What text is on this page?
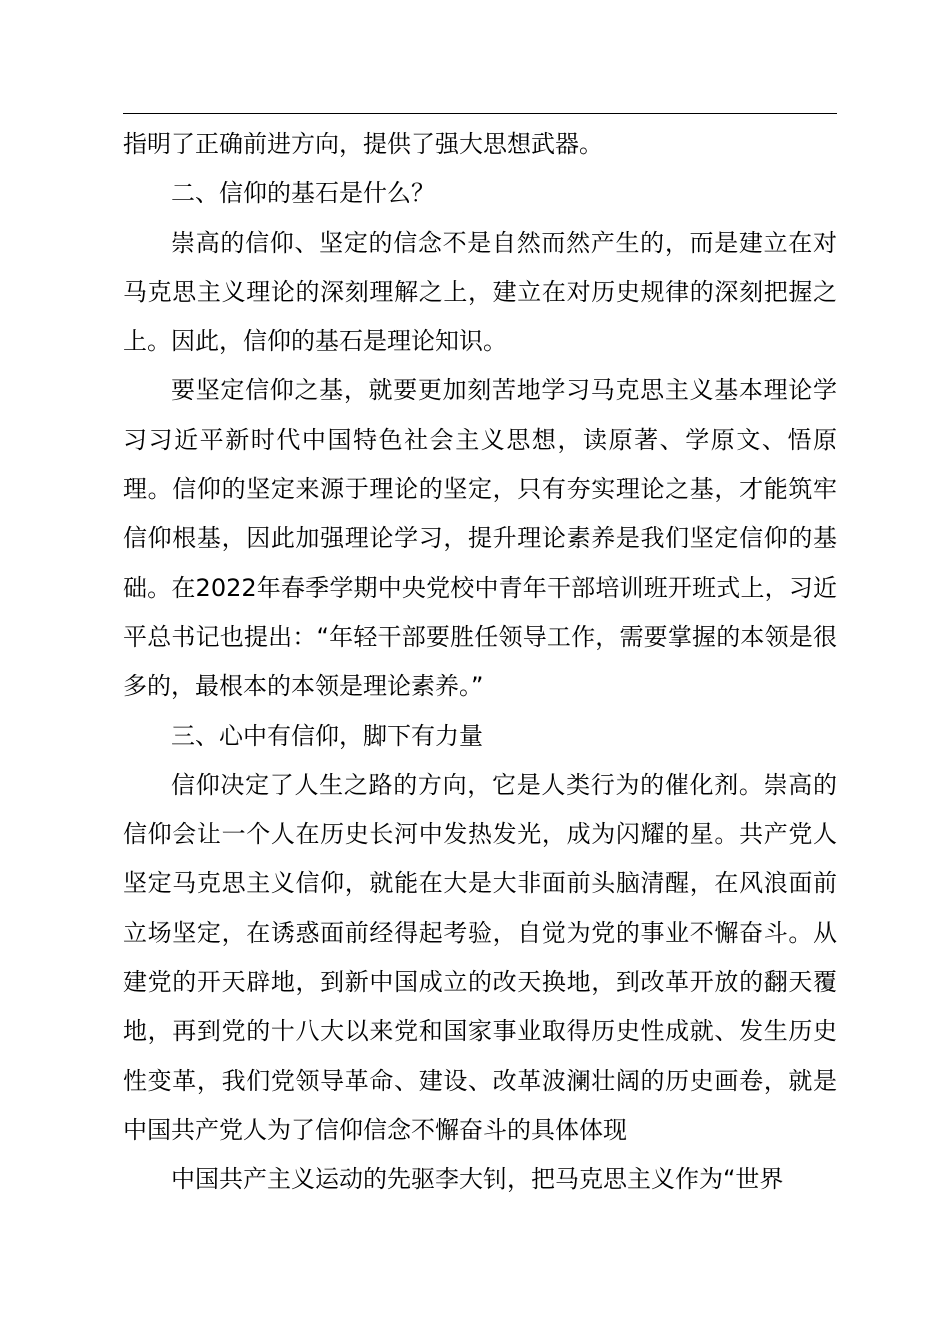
指明了正确前进方向，提供了强大思想武器。

二、信仰的基石是什么？

崇高的信仰、坚定的信念不是自然而然产生的，而是建立在对马克思主义理论的深刻理解之上，建立在对历史规律的深刻把握之上。因此，信仰的基石是理论知识。

要坚定信仰之基，就要更加刻苦地学习马克思主义基本理论学习习近平新时代中国特色社会主义思想，读原著、学原文、悟原理。信仰的坚定来源于理论的坚定，只有夯实理论之基，才能筑牢信仰根基，因此加强理论学习，提升理论素养是我们坚定信仰的基础。在2022年春季学期中央党校中青年干部培训班开班式上，习近平总书记也提出：“年轻干部要胜任领导工作，需要掌握的本领是很多的，最根本的本领是理论素养。”

三、心中有信仰，脚下有力量

信仰决定了人生之路的方向，它是人类行为的催化剂。崇高的信仰会让一个人在历史长河中发热发光，成为闪耀的星。共产党人坚定马克思主义信仰，就能在大是大非面前头脑清醒，在风浪面前立场坚定，在诱惑面前经得起考验，自觉为党的事业不懈奋斗。从建党的开天辟地，到新中国成立的改天换地，到改革开放的翻天覆地，再到党的十八大以来党和国家事业取得历史性成就、发生历史性变革，我们党领导革命、建设、改革波澜壮阔的历史画卷，就是中国共产党人为了信仰信念不懈奋斗的具体体现

中国共产主义运动的先驱李大钊，把马克思主义作为“世界
